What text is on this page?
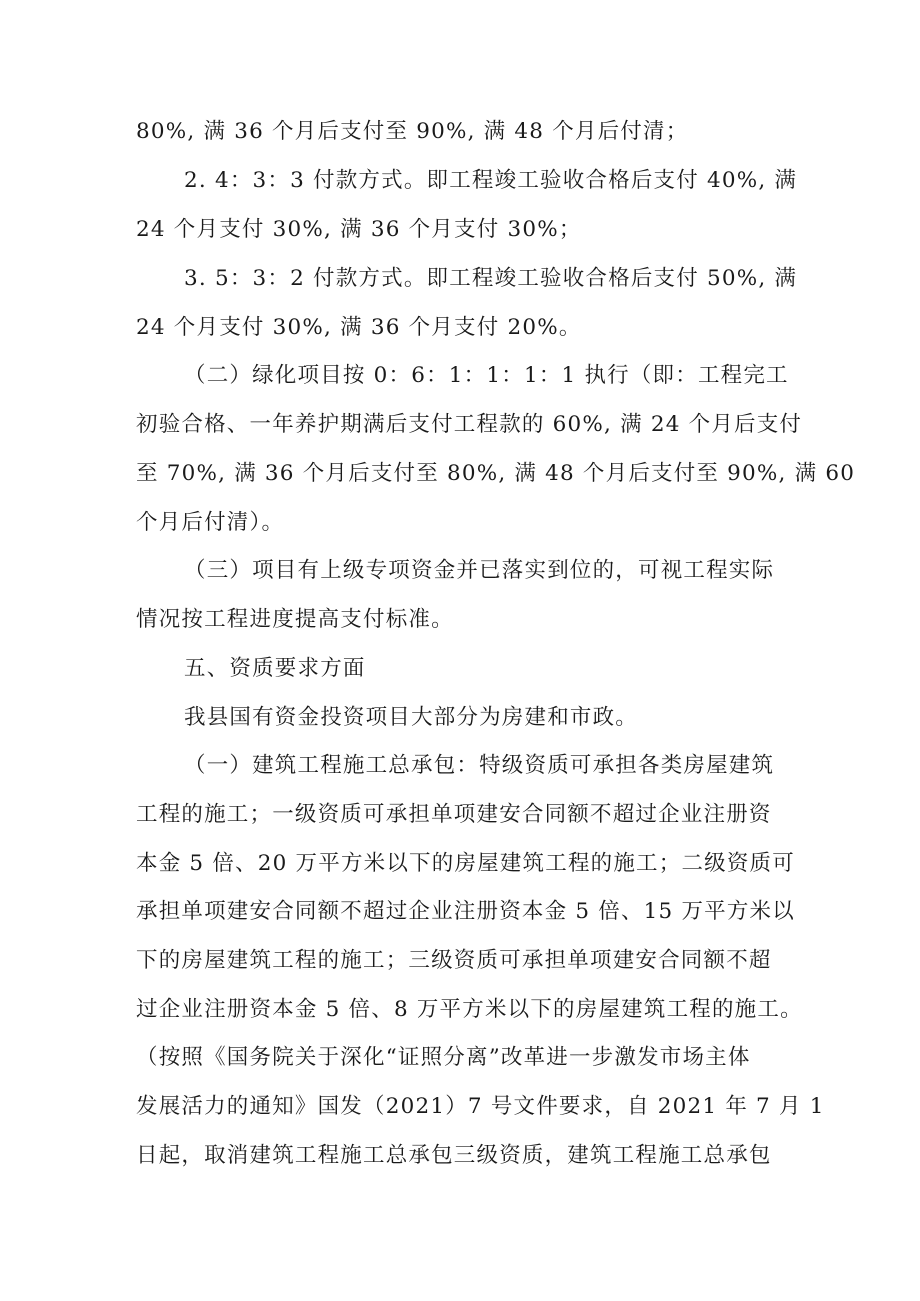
80%, 满 36 个月后支付至 90%, 满 48 个月后付清；
2. 4：3：3 付款方式。即工程竣工验收合格后支付 40%, 满
24 个月支付 30%, 满 36 个月支付 30%；
3. 5：3：2 付款方式。即工程竣工验收合格后支付 50%, 满
24 个月支付 30%, 满 36 个月支付 20%。
（二）绿化项目按 0：6：1：1：1：1 执行（即：工程完工
初验合格、一年养护期满后支付工程款的 60%, 满 24 个月后支付
至 70%, 满 36 个月后支付至 80%, 满 48 个月后支付至 90%, 满 60
个月后付清）。
（三）项目有上级专项资金并已落实到位的，可视工程实际
情况按工程进度提高支付标准。
五、资质要求方面
我县国有资金投资项目大部分为房建和市政。
（一）建筑工程施工总承包：特级资质可承担各类房屋建筑
工程的施工；一级资质可承担单项建安合同额不超过企业注册资
本金 5 倍、20 万平方米以下的房屋建筑工程的施工；二级资质可
承担单项建安合同额不超过企业注册资本金 5 倍、15 万平方米以
下的房屋建筑工程的施工；三级资质可承担单项建安合同额不超
过企业注册资本金 5 倍、8 万平方米以下的房屋建筑工程的施工。
（按照《国务院关于深化“证照分离”改革进一步激发市场主体
发展活力的通知》国发（2021）7 号文件要求，自 2021 年 7 月 1
日起，取消建筑工程施工总承包三级资质，建筑工程施工总承包
